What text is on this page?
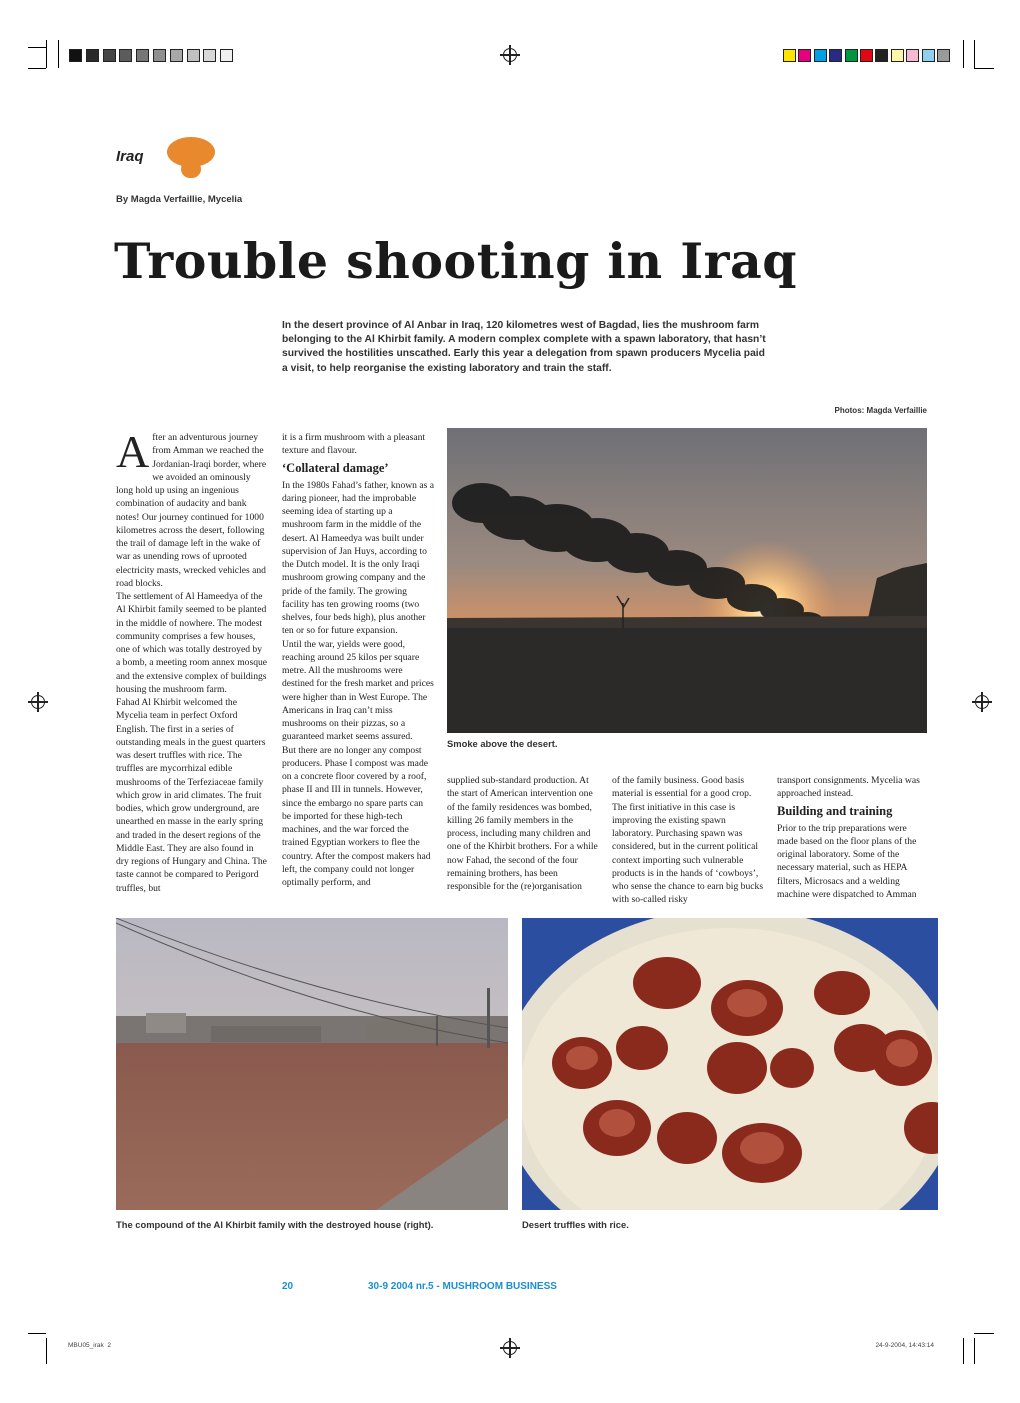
Iraq
By Magda Verfaillie, Mycelia
Trouble shooting in Iraq
In the desert province of Al Anbar in Iraq, 120 kilometres west of Bagdad, lies the mushroom farm belonging to the Al Khirbit family. A modern complex complete with a spawn laboratory, that hasn’t survived the hostilities unscathed. Early this year a delegation from spawn producers Mycelia paid a visit, to help reorganise the existing laboratory and train the staff.
Photos: Magda Verfaillie

After an adventurous journey from Amman we reached the Jordanian-Iraqi border, where we avoided an ominously long hold up using an ingenious combination of audacity and bank notes! Our journey continued for 1000 kilometres across the desert, following the trail of damage left in the wake of war as unending rows of uprooted electricity masts, wrecked vehicles and road blocks.

The settlement of Al Hameedya of the Al Khirbit family seemed to be planted in the middle of nowhere. The modest community comprises a few houses, one of which was totally destroyed by a bomb, a meeting room annex mosque and the extensive complex of buildings housing the mushroom farm.

Fahad Al Khirbit welcomed the Mycelia team in perfect Oxford English. The first in a series of outstanding meals in the guest quarters was desert truffles with rice. The truffles are mycorrhizal edible mushrooms of the Terfeziaceae family which grow in arid climates. The fruit bodies, which grow underground, are unearthed en masse in the early spring and traded in the desert regions of the Middle East. They are also found in dry regions of Hungary and China. The taste cannot be compared to Perigord truffles, but

it is a firm mushroom with a pleasant texture and flavour.

‘Collateral damage’

In the 1980s Fahad’s father, known as a daring pioneer, had the improbable seeming idea of starting up a mushroom farm in the middle of the desert. Al Hameedya was built under supervision of Jan Huys, according to the Dutch model. It is the only Iraqi mushroom growing company and the pride of the family. The growing facility has ten growing rooms (two shelves, four beds high), plus another ten or so for future expansion.

Until the war, yields were good, reaching around 25 kilos per square metre. All the mushrooms were destined for the fresh market and prices were higher than in West Europe. The Americans in Iraq can’t miss mushrooms on their pizzas, so a guaranteed market seems assured.

But there are no longer any compost producers. Phase I compost was made on a concrete floor covered by a roof, phase II and III in tunnels. However, since the embargo no spare parts can be imported for these high-tech machines, and the war forced the trained Egyptian workers to flee the country. After the compost makers had left, the company could not longer optimally perform, and

Smoke above the desert.

supplied sub-standard production. At the start of American intervention one of the family residences was bombed, killing 26 family members in the process, including many children and one of the Khirbit brothers. For a while now Fahad, the second of the four remaining brothers, has been responsible for the (re)organisation

of the family business. Good basis material is essential for a good crop. The first initiative in this case is improving the existing spawn laboratory. Purchasing spawn was considered, but in the current political context importing such vulnerable products is in the hands of ‘cowboys’, who sense the chance to earn big bucks with so-called risky

transport consignments. Mycelia was approached instead.

Building and training

Prior to the trip preparations were made based on the floor plans of the original laboratory. Some of the necessary material, such as HEPA filters, Microsacs and a welding machine were dispatched to Amman

The compound of the Al Khirbit family with the destroyed house (right).	Desert truffles with rice.
20	30-9 2004 nr.5 - MUSHROOM BUSINESS
MBU05_irak  2	24-9-2004, 14:43:14
